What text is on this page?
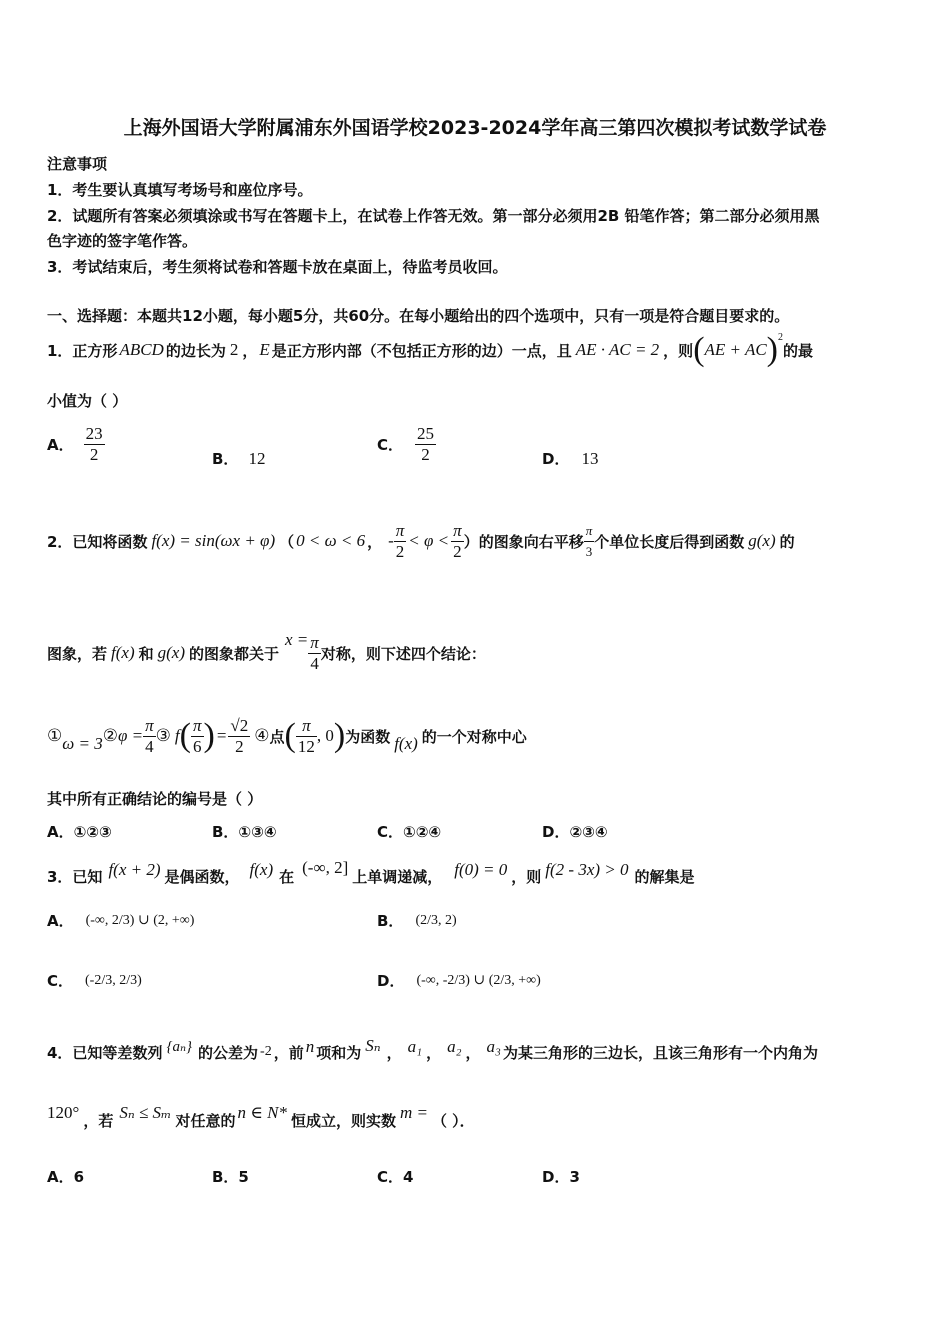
上海外国语大学附属浦东外国语学校2023-2024学年高三第四次模拟考试数学试卷
注意事项
1．考生要认真填写考场号和座位序号。
2．试题所有答案必须填涂或书写在答题卡上，在试卷上作答无效。第一部分必须用2B 铅笔作答；第二部分必须用黑
色字迹的签字笔作答。
3．考试结束后，考生须将试卷和答题卡放在桌面上，待监考员收回。
一、选择题：本题共12小题，每小题5分，共60分。在每小题给出的四个选项中，只有一项是符合题目要求的。
1．正方形 ABCD 的边长为 2 ， E 是正方形内部（不包括正方形的边）一点，且 AE · AC = 2 ，则 ( AE + AC ) 2
的最
小值为（ ）
A． $\frac{23}{2}$	B． 12
C． $\frac{25}{2}$	D． 13
2．已知将函数 f(x) = sin(ωx + φ) （ 0 < ω < 6 ， - $\frac{\pi}{2} < \varphi < \frac{\pi}{2}$ ）的图象向右平移 $\frac{\pi}{3}$ 个单位长度后得到函数 g(x) 的
图象，若 f(x) 和 g(x) 的图象都关于
$x = \frac{\pi}{4}$ 对称，则下述四个结论：
① ω = 3 ② $\varphi = \frac{\pi}{4}$ ③ f ( $\frac{\pi}{6}$ ) = $\frac{√2}{2}$ ④ 点 ( $\frac{\pi}{12}$ , 0 ) 为函数 f(x) 的一个对称中心
其中所有正确结论的编号是（ ）
A．①②③	B．①③④	C．①②④	D．②③④
3．已知 f(x + 2) 是偶函数， f(x) 在 (-∞, 2] 上单调递减， f(0) = 0 ，则 f(2 - 3x) > 0 的解集是
A． (-∞, 2/3) ∪ (2, +∞)	B． (2/3, 2)
C． (-2/3, 2/3)	D． (-∞, -2/3) ∪ (2/3, +∞)
4．已知等差数列 {aₙ} 的公差为 -2 ，前 n 项和为 Sₙ ， a₁ ， a₂ ， a₃ 为某三角形的三边长，且该三角形有一个内角为
120° ，若 Sₙ ≤ Sₘ 对任意的 n ∈ N* 恒成立，则实数 m = （ ）．
A．6	B．5	C．4	D．3
